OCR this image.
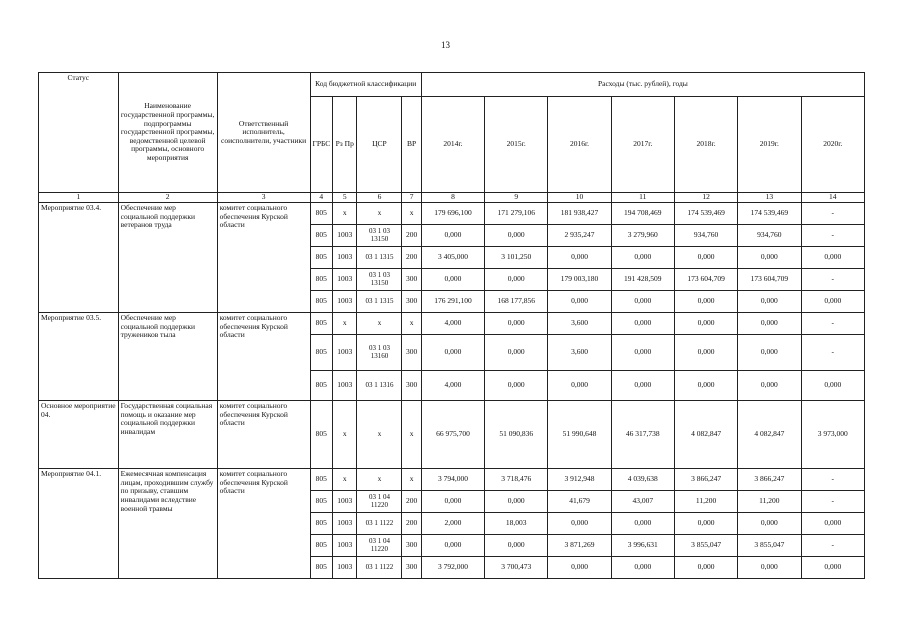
13
Статус	Наименование государственной программы, подпрограммы государственной программы, ведомственной целевой программы, основного мероприятия	Ответственный исполнитель, соисполнители, участники	Код бюджетной классификации				Расходы (тыс. рублей), годы						
			ГРБС	Рз Пр	ЦСР	ВР	2014г.	2015г.	2016г.	2017г.	2018г.	2019г.	2020г.
1	2	3	4	5	6	7	8	9	10	11	12	13	14
Мероприятие 03.4.	Обеспечение мер социальной поддержки ветеранов труда	комитет социального обеспечения Курской области	805	х	х	х	179 696,100	171 279,106	181 938,427	194 708,469	174 539,469	174 539,469	-
			805	1003	03 1 03 13150	200	0,000	0,000	2 935,247	3 279,960	934,760	934,760	-
			805	1003	03 1 1315	200	3 405,000	3 101,250	0,000	0,000	0,000	0,000	0,000
			805	1003	03 1 03 13150	300	0,000	0,000	179 003,180	191 428,509	173 604,709	173 604,709	-
			805	1003	03 1 1315	300	176 291,100	168 177,856	0,000	0,000	0,000	0,000	0,000
Мероприятие 03.5.	Обеспечение мер социальной поддержки тружеников тыла	комитет социального обеспечения Курской области	805	х	х	х	4,000	0,000	3,600	0,000	0,000	0,000	-
			805	1003	03 1 03 13160	300	0,000	0,000	3,600	0,000	0,000	0,000	-
			805	1003	03 1 1316	300	4,000	0,000	0,000	0,000	0,000	0,000	0,000
Основное мероприятие 04.	Государственная социальная помощь и оказание мер социальной поддержки инвалидам	комитет социального обеспечения Курской области	805	х	х	х	66 975,700	51 090,836	51 990,648	46 317,738	4 082,847	4 082,847	3 973,000
Мероприятие 04.1.	Ежемесячная компенсация лицам, проходившим службу по призыву, ставшим инвалидами вследствие военной травмы	комитет социального обеспечения Курской области	805	х	х	х	3 794,000	3 718,476	3 912,948	4 039,638	3 866,247	3 866,247	-
			805	1003	03 1 04 11220	200	0,000	0,000	41,679	43,007	11,200	11,200	-
			805	1003	03 1 1122	200	2,000	18,003	0,000	0,000	0,000	0,000	0,000
			805	1003	03 1 04 11220	300	0,000	0,000	3 871,269	3 996,631	3 855,047	3 855,047	-
			805	1003	03 1 1122	300	3 792,000	3 700,473	0,000	0,000	0,000	0,000	0,000
